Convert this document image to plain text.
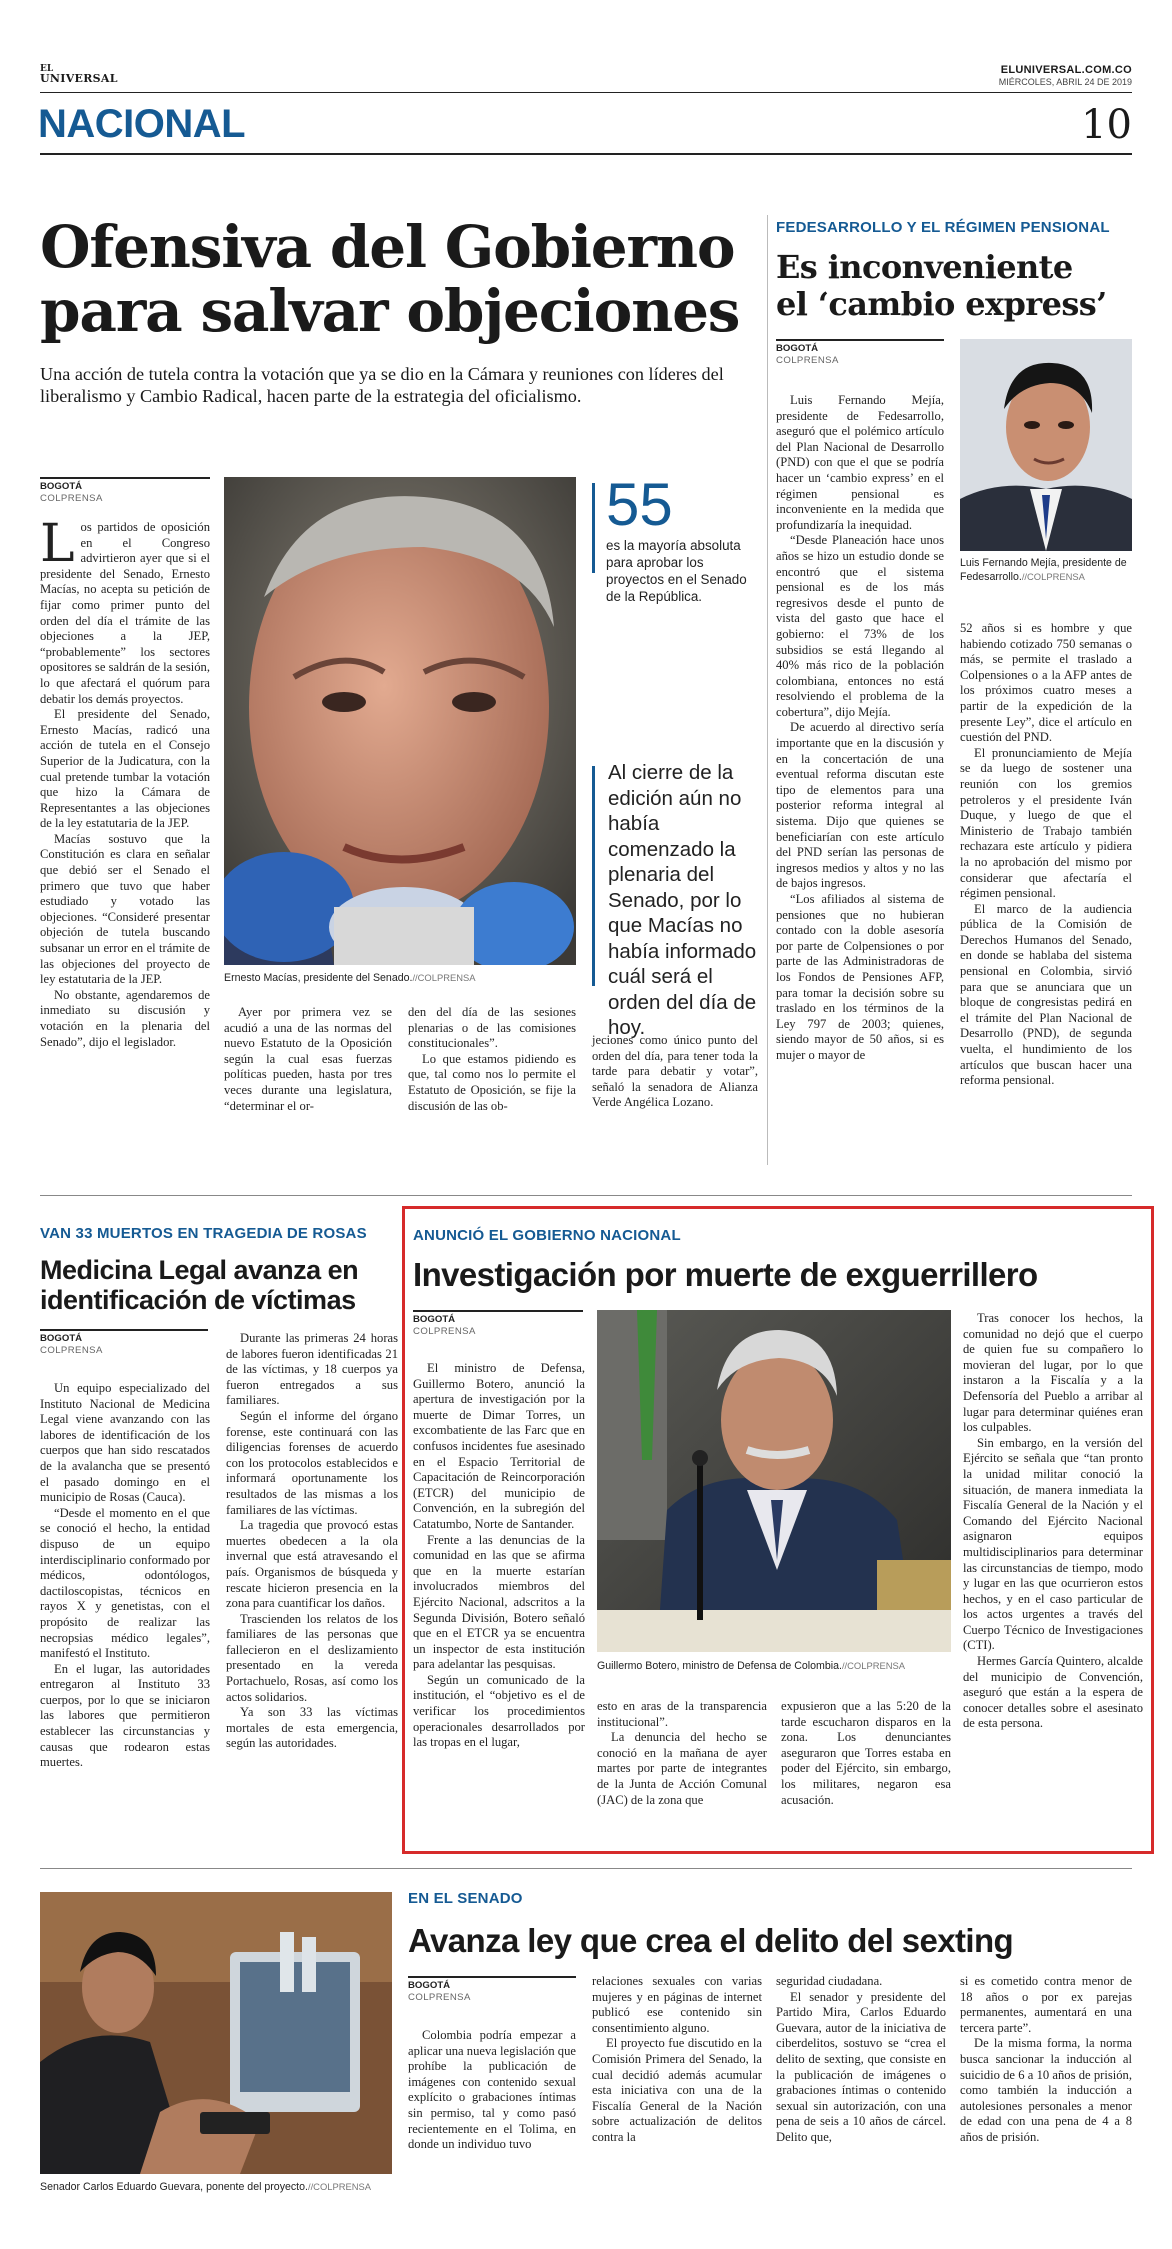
EL
UNIVERSAL
ELUNIVERSAL.COM.CO
MIÉRCOLES, ABRIL 24 DE 2019
NACIONAL	10
Ofensiva del Gobierno
para salvar objeciones
Una acción de tutela contra la votación que ya se dio en la Cámara y reuniones con líderes del liberalismo y Cambio Radical, hacen parte de la estrategia del oficialismo.
BOGOTÁ
COLPRENSA

Los partidos de oposición en el Congreso advirtieron ayer que si el presidente del Senado, Ernesto Macías, no acepta su petición de fijar como primer punto del orden del día el trámite de las objeciones a la JEP, “probablemente” los sectores opositores se saldrán de la sesión, lo que afectará el quórum para debatir los demás proyectos.

El presidente del Senado, Ernesto Macías, radicó una acción de tutela en el Consejo Superior de la Judicatura, con la cual pretende tumbar la votación que hizo la Cámara de Representantes a las objeciones de la ley estatutaria de la JEP.

Macías sostuvo que la Constitución es clara en señalar que debió ser el Senado el primero que tuvo que haber estudiado y votado las objeciones. “Consideré presentar objeción de tutela buscando subsanar un error en el trámite de las objeciones del proyecto de ley estatutaria de la JEP.

No obstante, agendaremos de inmediato su discusión y votación en la plenaria del Senado”, dijo el legislador.

Ernesto Macías, presidente del Senado.//COLPRENSA
55
es la mayoría absoluta para aprobar los proyectos en el Senado de la República.
Al cierre de la edición aún no había comenzado la plenaria del Senado, por lo que Macías no había informado cuál será el orden del día de hoy.

Ayer por primera vez se acudió a una de las normas del nuevo Estatuto de la Oposición según la cual esas fuerzas políticas pueden, hasta por tres veces durante una legislatura, “determinar el or-

den del día de las sesiones plenarias o de las comisiones constitucionales”.

Lo que estamos pidiendo es que, tal como nos lo permite el Estatuto de Oposición, se fije la discusión de las ob-

jeciones como único punto del orden del día, para tener toda la tarde para debatir y votar”, señaló la senadora de Alianza Verde Angélica Lozano.

FEDESARROLLO Y EL RÉGIMEN PENSIONAL
Es inconveniente
el ‘cambio express’
BOGOTÁ
COLPRENSA

Luis Fernando Mejía, presidente de Fedesarrollo, aseguró que el polémico artículo del Plan Nacional de Desarrollo (PND) con que el que se podría hacer un ‘cambio express’ en el régimen pensional es inconveniente en la medida que profundizaría la inequidad.

“Desde Planeación hace unos años se hizo un estudio donde se encontró que el sistema pensional es de los más regresivos desde el punto de vista del gasto que hace el gobierno: el 73% de los subsidios se está llegando al 40% más rico de la población colombiana, entonces no está resolviendo el problema de la cobertura”, dijo Mejía.

De acuerdo al directivo sería importante que en la discusión y en la concertación de una eventual reforma discutan este tipo de elementos para una posterior reforma integral al sistema. Dijo que quienes se beneficiarían con este artículo del PND serían las personas de ingresos medios y altos y no las de bajos ingresos.

“Los afiliados al sistema de pensiones que no hubieran contado con la doble asesoría por parte de Colpensiones o por parte de las Administradoras de los Fondos de Pensiones AFP, para tomar la decisión sobre su traslado en los términos de la Ley 797 de 2003; quienes, siendo mayor de 50 años, si es mujer o mayor de

Luis Fernando Mejía, presidente de Fedesarrollo.//COLPRENSA

52 años si es hombre y que habiendo cotizado 750 semanas o más, se permite el traslado a Colpensiones o a la AFP antes de los próximos cuatro meses a partir de la expedición de la presente Ley”, dice el artículo en cuestión del PND.

El pronunciamiento de Mejía se da luego de sostener una reunión con los gremios petroleros y el presidente Iván Duque, y luego de que el Ministerio de Trabajo también rechazara este artículo y pidiera la no aprobación del mismo por considerar que afectaría el régimen pensional.

El marco de la audiencia pública de la Comisión de Derechos Humanos del Senado, en donde se hablaba del sistema pensional en Colombia, sirvió para que se anunciara que un bloque de congresistas pedirá en el trámite del Plan Nacional de Desarrollo (PND), de segunda vuelta, el hundimiento de los artículos que buscan hacer una reforma pensional.

VAN 33 MUERTOS EN TRAGEDIA DE ROSAS
Medicina Legal avanza en identificación de víctimas
BOGOTÁ
COLPRENSA

Un equipo especializado del Instituto Nacional de Medicina Legal viene avanzando con las labores de identificación de los cuerpos que han sido rescatados de la avalancha que se presentó el pasado domingo en el municipio de Rosas (Cauca).

“Desde el momento en el que se conoció el hecho, la entidad dispuso de un equipo interdisciplinario conformado por médicos, odontólogos, dactiloscopistas, técnicos en rayos X y genetistas, con el propósito de realizar las necropsias médico legales”, manifestó el Instituto.

En el lugar, las autoridades entregaron al Instituto 33 cuerpos, por lo que se iniciaron las labores que permitieron establecer las circunstancias y causas que rodearon estas muertes.

Durante las primeras 24 horas de labores fueron identificadas 21 de las víctimas, y 18 cuerpos ya fueron entregados a sus familiares.

Según el informe del órgano forense, este continuará con las diligencias forenses de acuerdo con los protocolos establecidos e informará oportunamente los resultados de las mismas a los familiares de las víctimas.

La tragedia que provocó estas muertes obedecen a la ola invernal que está atravesando el país. Organismos de búsqueda y rescate hicieron presencia en la zona para cuantificar los daños.

Trascienden los relatos de los familiares de las personas que fallecieron en el deslizamiento presentado en la vereda Portachuelo, Rosas, así como los actos solidarios.

Ya son 33 las víctimas mortales de esta emergencia, según las autoridades.

ANUNCIÓ EL GOBIERNO NACIONAL
Investigación por muerte de exguerrillero
BOGOTÁ
COLPRENSA

El ministro de Defensa, Guillermo Botero, anunció la apertura de investigación por la muerte de Dimar Torres, un excombatiente de las Farc que en confusos incidentes fue asesinado en el Espacio Territorial de Capacitación de Reincorporación (ETCR) del municipio de Convención, en la subregión del Catatumbo, Norte de Santander.

Frente a las denuncias de la comunidad en las que se afirma que en la muerte estarían involucrados miembros del Ejército Nacional, adscritos a la Segunda División, Botero señaló que en el ETCR ya se encuentra un inspector de esta institución para adelantar las pesquisas.

Según un comunicado de la institución, el “objetivo es el de verificar los procedimientos operacionales desarrollados por las tropas en el lugar,

Guillermo Botero, ministro de Defensa de Colombia.//COLPRENSA

esto en aras de la transparencia institucional”.

La denuncia del hecho se conoció en la mañana de ayer martes por parte de integrantes de la Junta de Acción Comunal (JAC) de la zona que

expusieron que a las 5:20 de la tarde escucharon disparos en la zona. Los denunciantes aseguraron que Torres estaba en poder del Ejército, sin embargo, los militares, negaron esa acusación.

Tras conocer los hechos, la comunidad no dejó que el cuerpo de quien fue su compañero lo movieran del lugar, por lo que instaron a la Fiscalía y a la Defensoría del Pueblo a arribar al lugar para determinar quiénes eran los culpables.

Sin embargo, en la versión del Ejército se señala que “tan pronto la unidad militar conoció la situación, de manera inmediata la Fiscalía General de la Nación y el Comando del Ejército Nacional asignaron equipos multidisciplinarios para determinar las circunstancias de tiempo, modo y lugar en las que ocurrieron estos hechos, y en el caso particular de los actos urgentes a través del Cuerpo Técnico de Investigaciones (CTI).

Hermes García Quintero, alcalde del municipio de Convención, aseguró que están a la espera de conocer detalles sobre el asesinato de esta persona.

Senador Carlos Eduardo Guevara, ponente del proyecto.//COLPRENSA
EN EL SENADO
Avanza ley que crea el delito del sexting
BOGOTÁ
COLPRENSA

Colombia podría empezar a aplicar una nueva legislación que prohíbe la publicación de imágenes con contenido sexual explícito o grabaciones íntimas sin permiso, tal y como pasó recientemente en el Tolima, en donde un individuo tuvo

relaciones sexuales con varias mujeres y en páginas de internet publicó ese contenido sin consentimiento alguno.

El proyecto fue discutido en la Comisión Primera del Senado, la cual decidió además acumular esta iniciativa con una de la Fiscalía General de la Nación sobre actualización de delitos contra la

seguridad ciudadana.

El senador y presidente del Partido Mira, Carlos Eduardo Guevara, autor de la iniciativa de ciberdelitos, sostuvo se “crea el delito de sexting, que consiste en la publicación de imágenes o grabaciones íntimas o contenido sexual sin autorización, con una pena de seis a 10 años de cárcel. Delito que,

si es cometido contra menor de 18 años o por ex parejas permanentes, aumentará en una tercera parte”.

De la misma forma, la norma busca sancionar la inducción al suicidio de 6 a 10 años de prisión, como también la inducción a autolesiones personales a menor de edad con una pena de 4 a 8 años de prisión.
